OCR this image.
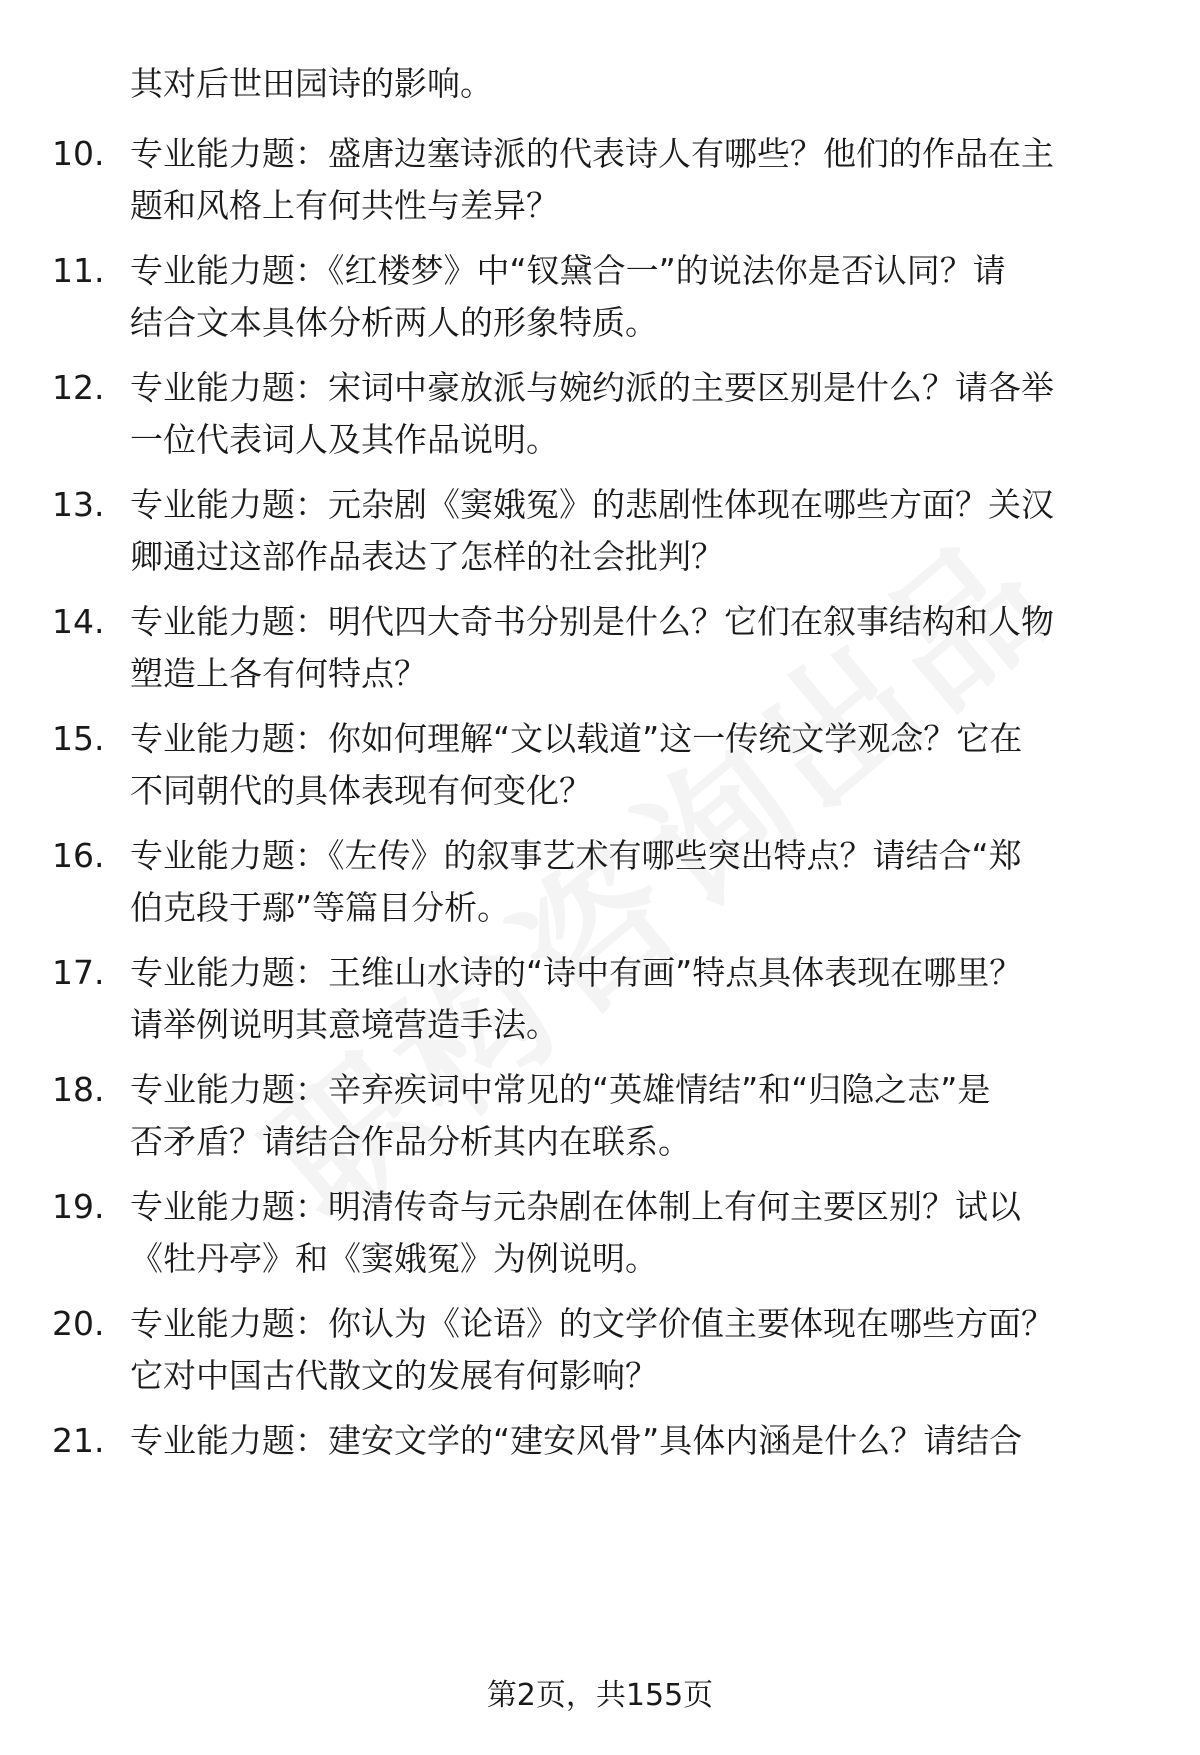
其对后世田园诗的影响。
10. 专业能力题：盛唐边塞诗派的代表诗人有哪些？他们的作品在主
题和风格上有何共性与差异？
11. 专业能力题：《红楼梦》中“钗黛合一”的说法你是否认同？请
结合文本具体分析两人的形象特质。
12. 专业能力题：宋词中豪放派与婉约派的主要区别是什么？请各举
一位代表词人及其作品说明。
13. 专业能力题：元杂剧《窦娥冤》的悲剧性体现在哪些方面？关汉
卿通过这部作品表达了怎样的社会批判？
14. 专业能力题：明代四大奇书分别是什么？它们在叙事结构和人物
塑造上各有何特点？
15. 专业能力题：你如何理解“文以载道”这一传统文学观念？它在
不同朝代的具体表现有何变化？
16. 专业能力题：《左传》的叙事艺术有哪些突出特点？请结合“郑
伯克段于鄢”等篇目分析。
17. 专业能力题：王维山水诗的“诗中有画”特点具体表现在哪里？
请举例说明其意境营造手法。
18. 专业能力题：辛弃疾词中常见的“英雄情结”和“归隐之志”是
否矛盾？请结合作品分析其内在联系。
19. 专业能力题：明清传奇与元杂剧在体制上有何主要区别？试以
《牡丹亭》和《窦娥冤》为例说明。
20. 专业能力题：你认为《论语》的文学价值主要体现在哪些方面？
它对中国古代散文的发展有何影响？
21. 专业能力题：建安文学的“建安风骨”具体内涵是什么？请结合
第2页，共155页
